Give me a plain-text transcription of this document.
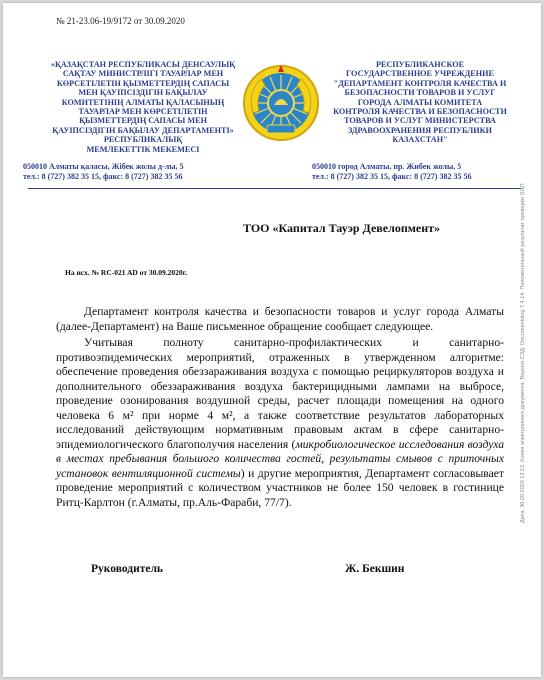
№ 21-23.06-19/9172 от 30.09.2020
«ҚАЗАҚСТАН РЕСПУБЛИКАСЫ ДЕНСАУЛЫҚ
САҚТАУ МИНИСТРЛІГІ ТАУАРЛАР МЕН
КӨРСЕТІЛЕТІН ҚЫЗМЕТТЕРДІҢ САПАСЫ
МЕН ҚАУІПСІЗДІГІН БАҚЫЛАУ
КОМИТЕТІНІҢ АЛМАТЫ ҚАЛАСЫНЫҢ
ТАУАРЛАР МЕН КӨРСЕТІЛЕТІН
ҚЫЗМЕТТЕРДІҢ САПАСЫ МЕН
ҚАУІПСІЗДІГІН БАҚЫЛАУ ДЕПАРТАМЕНТІ»
РЕСПУБЛИКАЛЫҚ
МЕМЛЕКЕТТІК МЕКЕМЕСІ
РЕСПУБЛИКАНСКОЕ
ГОСУДАРСТВЕННОЕ УЧРЕЖДЕНИЕ
"ДЕПАРТАМЕНТ КОНТРОЛЯ КАЧЕСТВА И
БЕЗОПАСНОСТИ ТОВАРОВ И УСЛУГ
ГОРОДА АЛМАТЫ КОМИТЕТА
КОНТРОЛЯ КАЧЕСТВА И БЕЗОПАСНОСТИ
ТОВАРОВ И УСЛУГ МИНИСТЕРСТВА
ЗДРАВООХРАНЕНИЯ РЕСПУБЛИКИ
КАЗАХСТАН"
050010 Алматы қаласы, Жібек жолы д-лы, 5
тел.: 8 (727) 382 35 15, факс: 8 (727) 382 35 56
050010 город Алматы, пр. Жибек жолы, 5
тел.: 8 (727) 382 35 15, факс: 8 (727) 382 35 56
ТОО «Капитал Тауэр Девелопмент»
На исх. № RC-021 AD от 30.09.2020г.

Департамент контроля качества и безопасности товаров и услуг города Алматы (далее-Департамент) на Ваше письменное обращение сообщает следующее.

Учитывая полноту санитарно-профилактических и санитарно-противоэпидемических мероприятий, отраженных в утвержденном алгоритме: обеспечение проведения обеззараживания воздуха с помощью рециркуляторов воздуха и дополнительного обеззараживания воздуха бактерицидными лампами на выбросе, проведение озонирования воздушной среды, расчет площади помещения на одного человека 6 м² при норме 4 м², а также соответствие результатов лабораторных исследований действующим нормативным правовым актам в сфере санитарно-эпидемиологического благополучия населения (микробиологическое исследования воздуха в местах пребывания большого количества гостей, результаты смывов с приточных установок вентиляционной системы) и другие мероприятия, Департамент согласовывает проведение мероприятий с количеством участников не более 150 человек в гостинице Ритц-Карлтон (г.Алматы, пр.Аль-Фараби, 77/7).

Руководитель	Ж. Бекшин
Дата: 30.09.2020 13:12. Копия электронного документа. Версия СЭД: Documentolog 7.4.14. Положительный результат проверки ЭЦП
